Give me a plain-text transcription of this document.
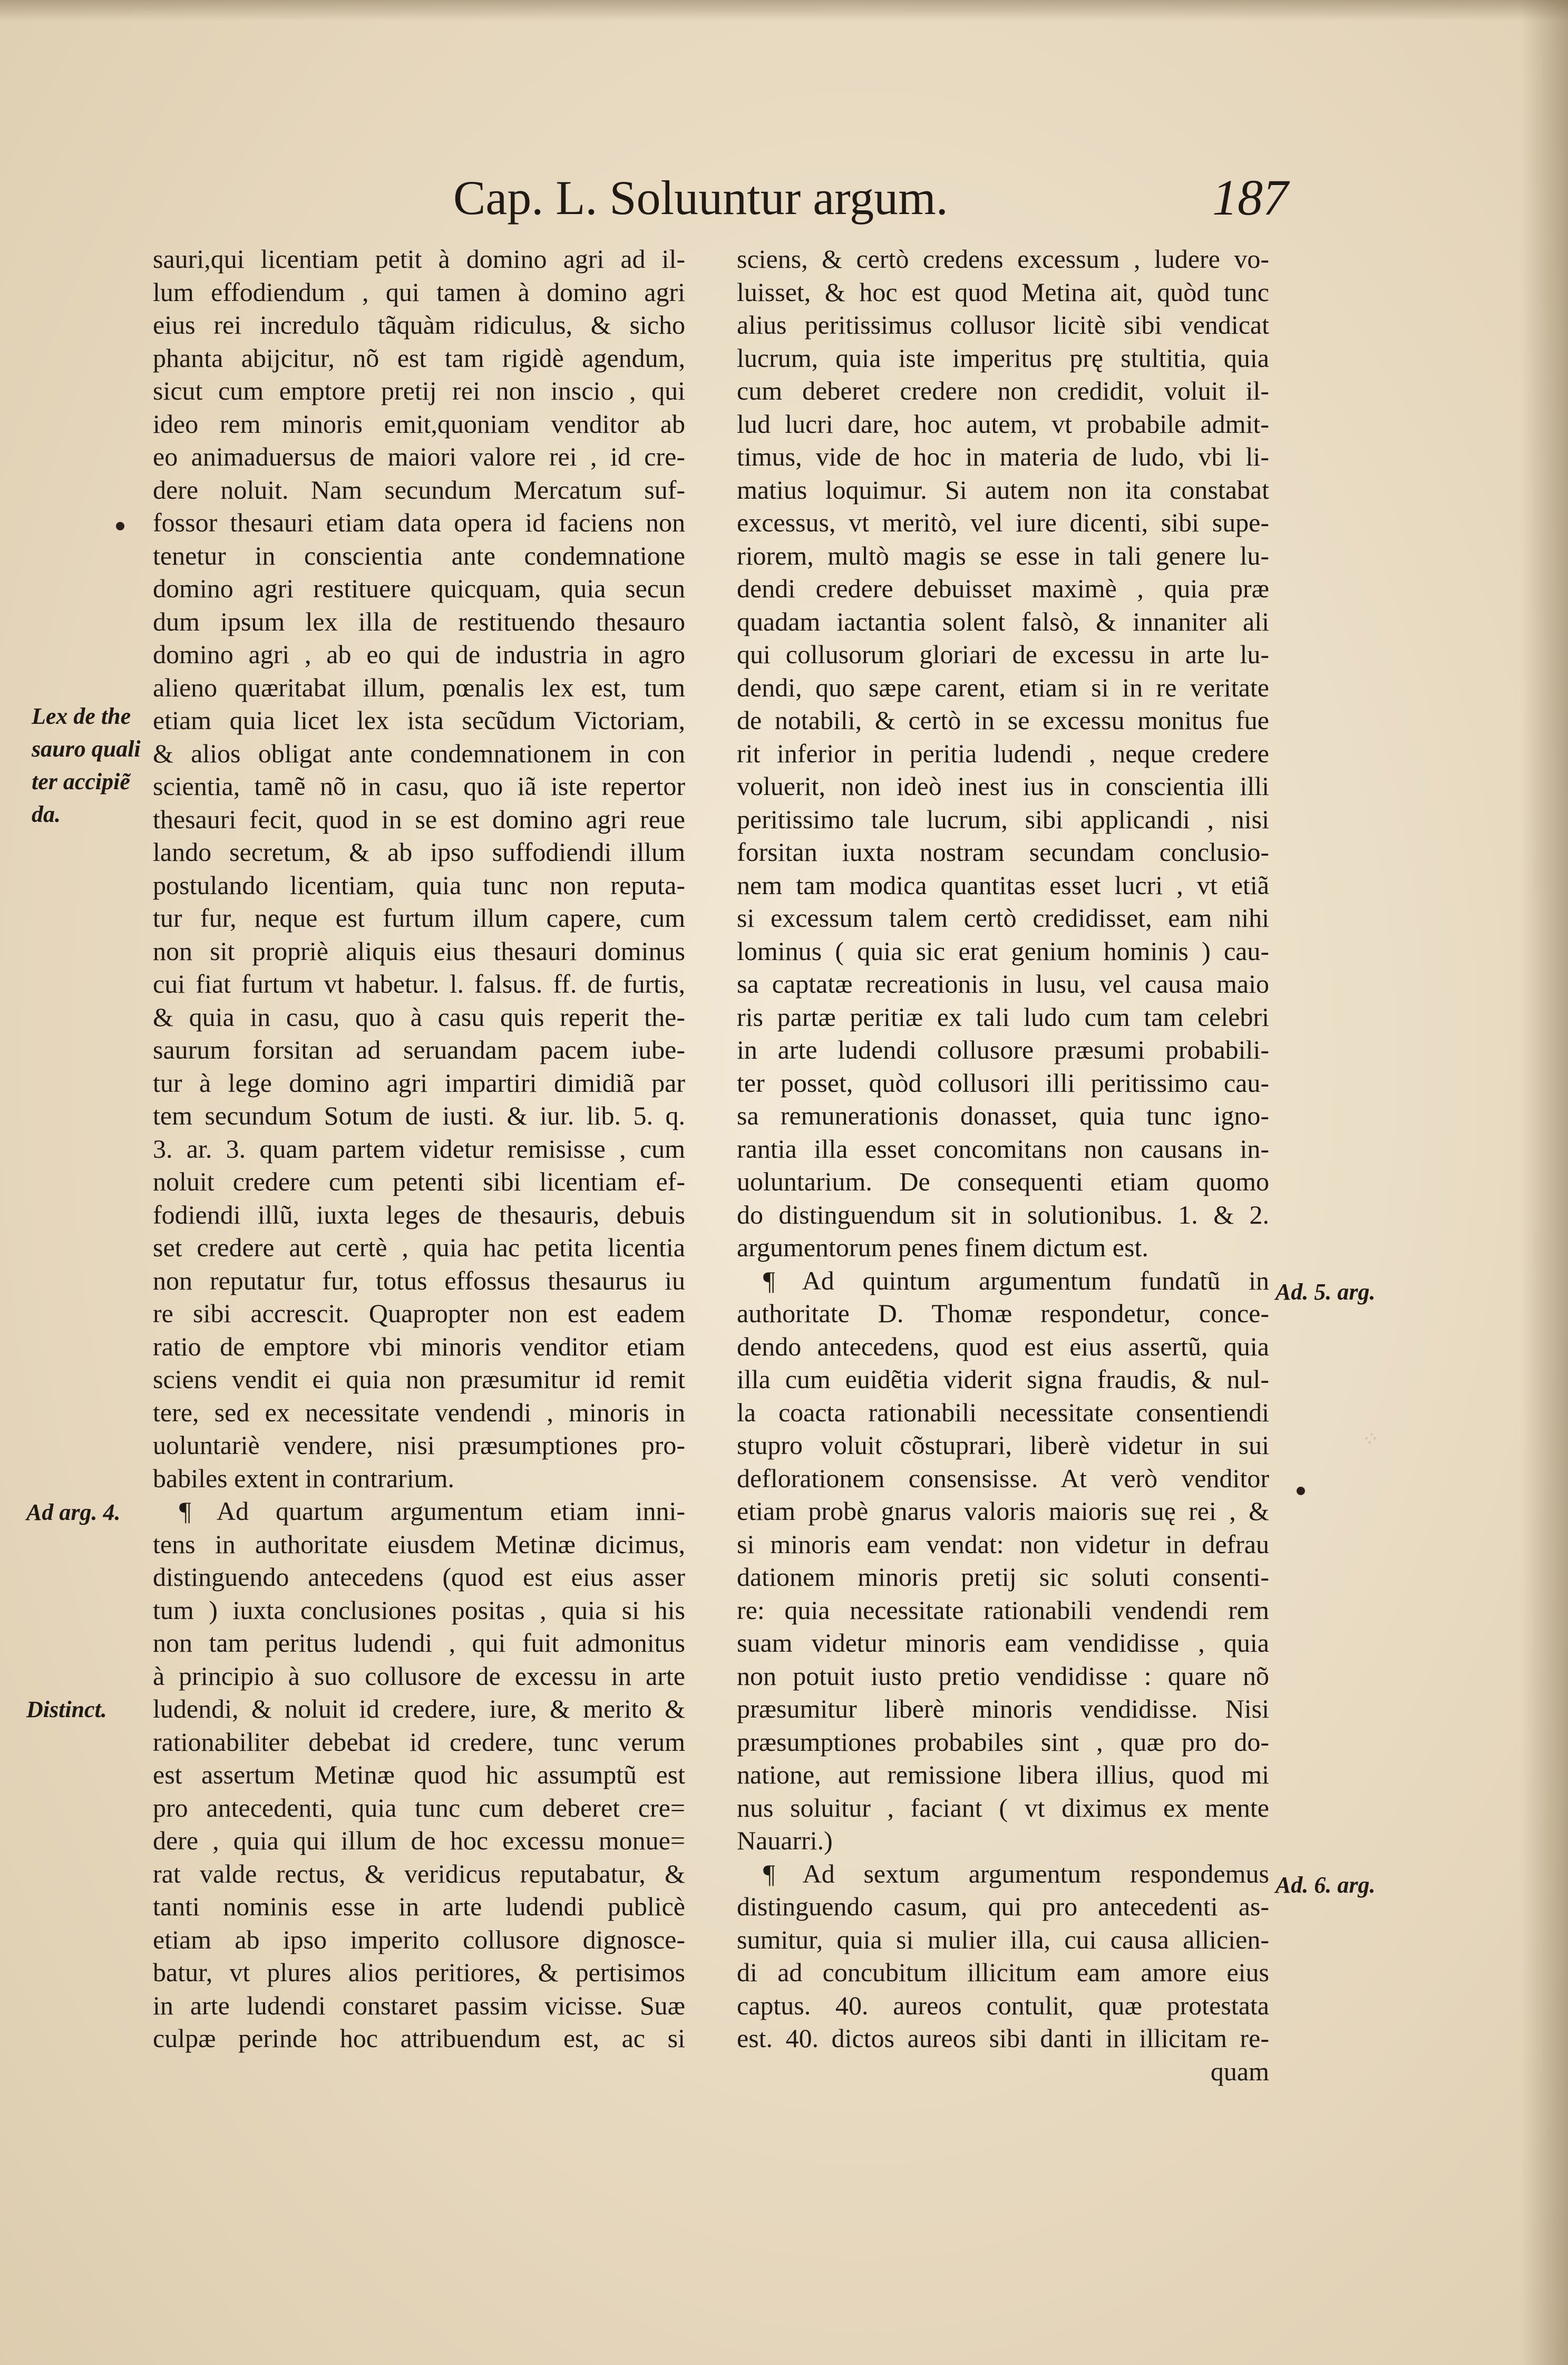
Cap. L. Soluuntur argum.	187
⁘
Lex de the
sauro quali
ter accipiẽ
da.
Ad arg. 4.
Distinct.
Ad. 5. arg.
Ad. 6. arg.
sauri,qui licentiam petit à domino agri ad il-
lum effodiendum , qui tamen à domino agri
eius rei incredulo tãquàm ridiculus, & sicho
phanta abijcitur, nõ est tam rigidè agendum,
sicut cum emptore pretij rei non inscio , qui
ideo rem minoris emit,quoniam venditor ab
eo animaduersus de maiori valore rei , id cre-
dere noluit. Nam secundum Mercatum suf-
fossor thesauri etiam data opera id faciens non
tenetur in conscientia ante condemnatione
domino agri restituere quicquam, quia secun
dum ipsum lex illa de restituendo thesauro
domino agri , ab eo qui de industria in agro
alieno quæritabat illum, pœnalis lex est, tum
etiam quia licet lex ista secũdum Victoriam,
& alios obligat ante condemnationem in con
scientia, tamẽ nõ in casu, quo iã iste repertor
thesauri fecit, quod in se est domino agri reue
lando secretum, & ab ipso suffodiendi illum
postulando licentiam, quia tunc non reputa-
tur fur, neque est furtum illum capere, cum
non sit propriè aliquis eius thesauri dominus
cui fiat furtum vt habetur. l. falsus. ff. de furtis,
& quia in casu, quo à casu quis reperit the-
saurum forsitan ad seruandam pacem iube-
tur à lege domino agri impartiri dimidiã par
tem secundum Sotum de iusti. & iur. lib. 5. q.
3. ar. 3. quam partem videtur remisisse , cum
noluit credere cum petenti sibi licentiam ef-
fodiendi illũ, iuxta leges de thesauris, debuis
set credere aut certè , quia hac petita licentia
non reputatur fur, totus effossus thesaurus iu
re sibi accrescit. Quapropter non est eadem
ratio de emptore vbi minoris venditor etiam
sciens vendit ei quia non præsumitur id remit
tere, sed ex necessitate vendendi , minoris in
uoluntariè vendere, nisi præsumptiones pro-
babiles extent in contrarium.
¶ Ad quartum argumentum etiam inni-
tens in authoritate eiusdem Metinæ dicimus,
distinguendo antecedens (quod est eius asser
tum ) iuxta conclusiones positas , quia si his
non tam peritus ludendi , qui fuit admonitus
à principio à suo collusore de excessu in arte
ludendi, & noluit id credere, iure, & merito &
rationabiliter debebat id credere, tunc verum
est assertum Metinæ quod hic assumptũ est
pro antecedenti, quia tunc cum deberet cre=
dere , quia qui illum de hoc excessu monue=
rat valde rectus, & veridicus reputabatur, &
tanti nominis esse in arte ludendi publicè
etiam ab ipso imperito collusore dignosce-
batur, vt plures alios peritiores, & pertisimos
in arte ludendi constaret passim vicisse. Suæ
culpæ perinde hoc attribuendum est, ac si
sciens, & certò credens excessum , ludere vo-
luisset, & hoc est quod Metina ait, quòd tunc
alius peritissimus collusor licitè sibi vendicat
lucrum, quia iste imperitus prę stultitia, quia
cum deberet credere non credidit, voluit il-
lud lucri dare, hoc autem, vt probabile admit-
timus, vide de hoc in materia de ludo, vbi li-
matius loquimur. Si autem non ita constabat
excessus, vt meritò, vel iure dicenti, sibi supe-
riorem, multò magis se esse in tali genere lu-
dendi credere debuisset maximè , quia præ
quadam iactantia solent falsò, & innaniter ali
qui collusorum gloriari de excessu in arte lu-
dendi, quo sæpe carent, etiam si in re veritate
de notabili, & certò in se excessu monitus fue
rit inferior in peritia ludendi , neque credere
voluerit, non ideò inest ius in conscientia illi
peritissimo tale lucrum, sibi applicandi , nisi
forsitan iuxta nostram secundam conclusio-
nem tam modica quantitas esset lucri , vt etiã
si excessum talem certò credidisset, eam nihi
lominus ( quia sic erat genium hominis ) cau-
sa captatæ recreationis in lusu, vel causa maio
ris partæ peritiæ ex tali ludo cum tam celebri
in arte ludendi collusore præsumi probabili-
ter posset, quòd collusori illi peritissimo cau-
sa remunerationis donasset, quia tunc igno-
rantia illa esset concomitans non causans in-
uoluntarium. De consequenti etiam quomo
do distinguendum sit in solutionibus. 1. & 2.
argumentorum penes finem dictum est.
¶ Ad quintum argumentum fundatũ in
authoritate D. Thomæ respondetur, conce-
dendo antecedens, quod est eius assertũ, quia
illa cum euidẽtia viderit signa fraudis, & nul-
la coacta rationabili necessitate consentiendi
stupro voluit cõstuprari, liberè videtur in sui
deflorationem consensisse. At verò venditor
etiam probè gnarus valoris maioris suę rei , &
si minoris eam vendat: non videtur in defrau
dationem minoris pretij sic soluti consenti-
re: quia necessitate rationabili vendendi rem
suam videtur minoris eam vendidisse , quia
non potuit iusto pretio vendidisse : quare nõ
præsumitur liberè minoris vendidisse. Nisi
præsumptiones probabiles sint , quæ pro do-
natione, aut remissione libera illius, quod mi
nus soluitur , faciant ( vt diximus ex mente
Nauarri.)
¶ Ad sextum argumentum respondemus
distinguendo casum, qui pro antecedenti as-
sumitur, quia si mulier illa, cui causa allicien-
di ad concubitum illicitum eam amore eius
captus. 40. aureos contulit, quæ protestata
est. 40. dictos aureos sibi danti in illicitam re-
quam
